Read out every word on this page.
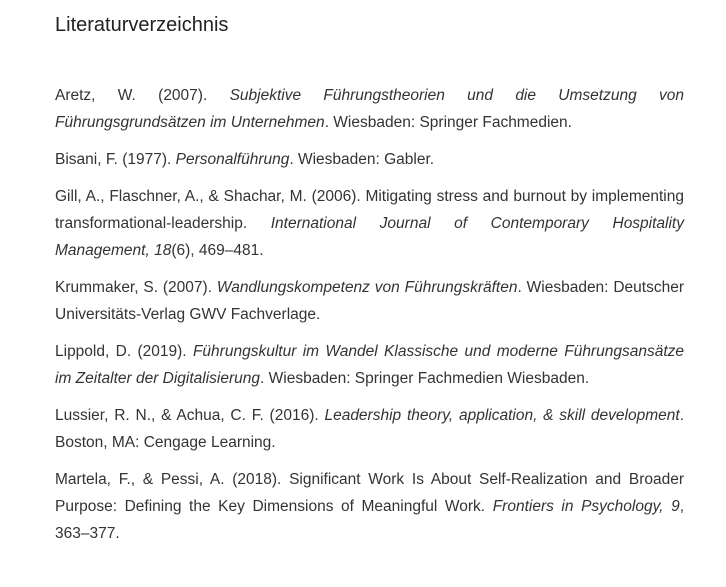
Literaturverzeichnis

Aretz, W. (2007). Subjektive Führungstheorien und die Umsetzung von Führungsgrundsätzen im Unternehmen. Wiesbaden: Springer Fachmedien.

Bisani, F. (1977). Personalführung. Wiesbaden: Gabler.

Gill, A., Flaschner, A., & Shachar, M. (2006). Mitigating stress and burnout by implementing transformational-leadership. International Journal of Contemporary Hospitality Management, 18(6), 469–481.

Krummaker, S. (2007). Wandlungskompetenz von Führungskräften. Wiesbaden: Deutscher Universitäts-Verlag GWV Fachverlage.

Lippold, D. (2019). Führungskultur im Wandel Klassische und moderne Führungsansätze im Zeitalter der Digitalisierung. Wiesbaden: Springer Fachmedien Wiesbaden.

Lussier, R. N., & Achua, C. F. (2016). Leadership theory, application, & skill development. Boston, MA: Cengage Learning.

Martela, F., & Pessi, A. (2018). Significant Work Is About Self-Realization and Broader Purpose: Defining the Key Dimensions of Meaningful Work. Frontiers in Psychology, 9, 363–377.
